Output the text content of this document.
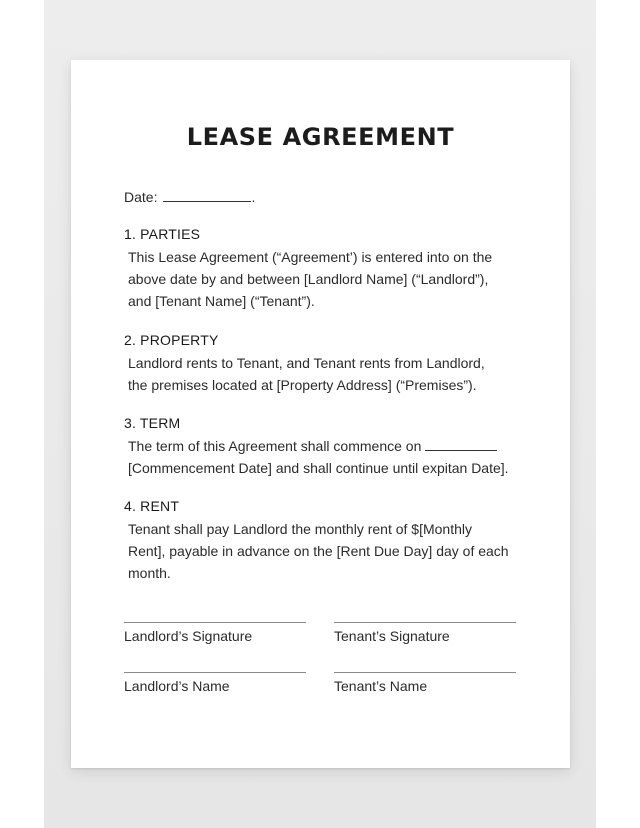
LEASE AGREEMENT
Date:	.
1. PARTIES
This Lease Agreement (“Agreement’) is entered into on the
above date by and between [Landlord Name] (“Landlord”),
and [Tenant Name] (“Tenant”).
2. PROPERTY
Landlord rents to Tenant, and Tenant rents from Landlord,
the premises located at [Property Address] (“Premises”).
3. TERM
The term of this Agreement shall commence on
[Commencement Date] and shall continue until expitan Date].
4. RENT
Tenant shall pay Landlord the monthly rent of $[Monthly
Rent], payable in advance on the [Rent Due Day] day of each
month.
Landlord’s Signature	Tenant’s Signature
Landlord’s Name	Tenant’s Name
